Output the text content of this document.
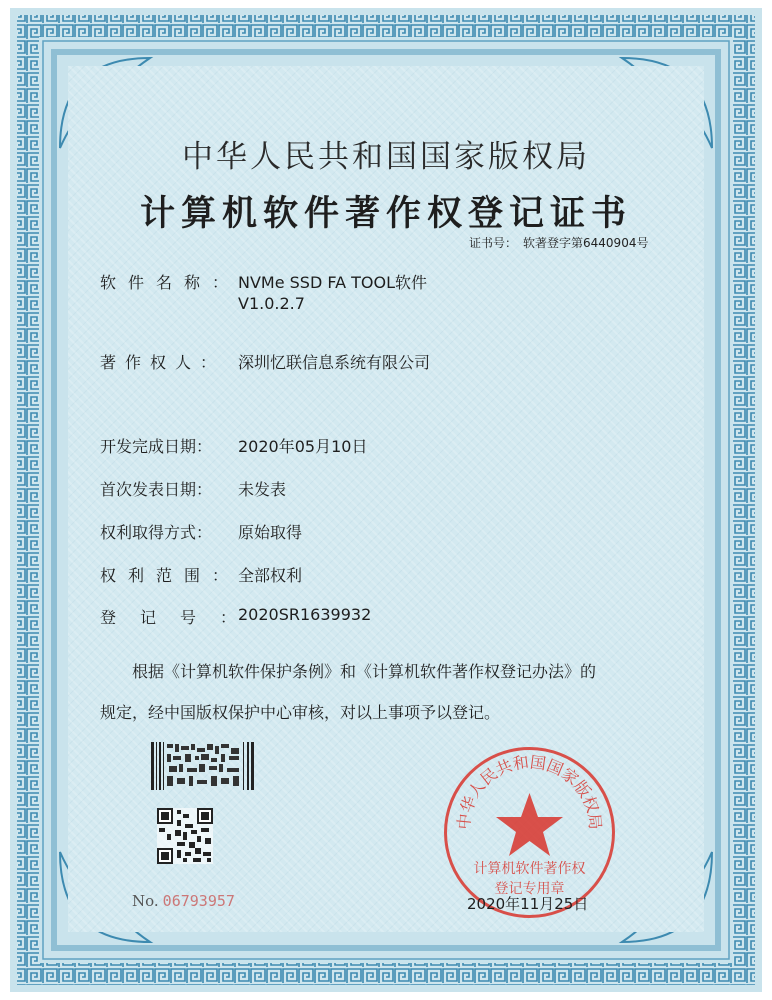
中华人民共和国国家版权局
计算机软件著作权登记证书
证书号： 软著登字第6440904号
软件名称：
NVMe SSD FA TOOL软件
V1.0.2.7
著作权人： 深圳忆联信息系统有限公司
开发完成日期： 2020年05月10日
首次发表日期： 未发表
权利取得方式： 原始取得
权利范围：
全部权利
登记号：
2020SR1639932
根据《计算机软件保护条例》和《计算机软件著作权登记办法》的
规定，经中国版权保护中心审核，对以上事项予以登记。
No. 06793957
中华人民共和国国家版权局
计算机软件著作权
登记专用章
2020年11月25日
